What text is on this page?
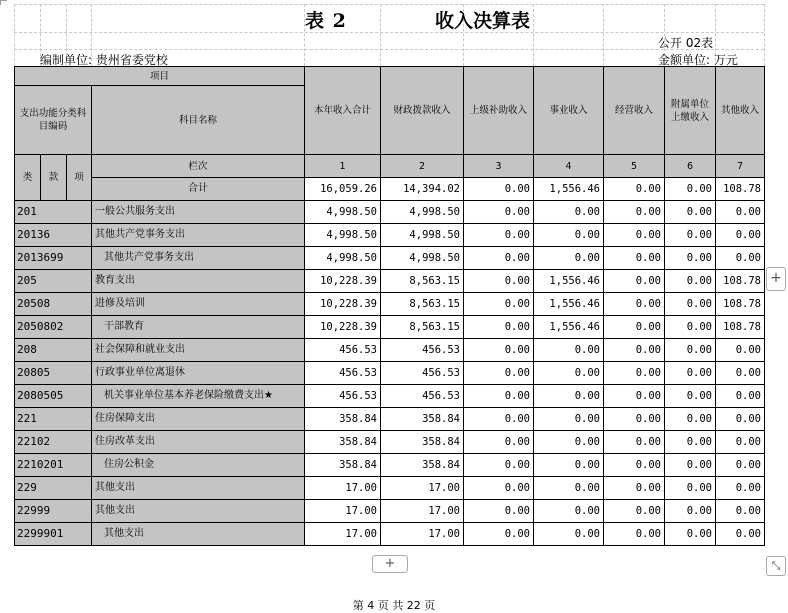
表 2	收入决算表
公开 02表
编制单位: 贵州省委党校	金额单位: 万元
项目				本年收入合计	财政拨款收入	上级补助收入	事业收入	经营收入	附属单位上缴收入	其他收入
支出功能分类科目编码			科目名称							

类	款	项	栏次	1	2	3	4	5	6	7
			合计	16,059.26	14,394.02	0.00	1,556.46	0.00	0.00	108.78
201			一般公共服务支出	4,998.50	4,998.50	0.00	0.00	0.00	0.00	0.00
20136			其他共产党事务支出	4,998.50	4,998.50	0.00	0.00	0.00	0.00	0.00
2013699			其他共产党事务支出	4,998.50	4,998.50	0.00	0.00	0.00	0.00	0.00
205			教育支出	10,228.39	8,563.15	0.00	1,556.46	0.00	0.00	108.78
20508			进修及培训	10,228.39	8,563.15	0.00	1,556.46	0.00	0.00	108.78
2050802			干部教育	10,228.39	8,563.15	0.00	1,556.46	0.00	0.00	108.78
208			社会保障和就业支出	456.53	456.53	0.00	0.00	0.00	0.00	0.00
20805			行政事业单位离退休	456.53	456.53	0.00	0.00	0.00	0.00	0.00
2080505			机关事业单位基本养老保险缴费支出★	456.53	456.53	0.00	0.00	0.00	0.00	0.00
221			住房保障支出	358.84	358.84	0.00	0.00	0.00	0.00	0.00
22102			住房改革支出	358.84	358.84	0.00	0.00	0.00	0.00	0.00
2210201			住房公积金	358.84	358.84	0.00	0.00	0.00	0.00	0.00
229			其他支出	17.00	17.00	0.00	0.00	0.00	0.00	0.00
22999			其他支出	17.00	17.00	0.00	0.00	0.00	0.00	0.00
2299901			其他支出	17.00	17.00	0.00	0.00	0.00	0.00	0.00
+
+	⤡
第 4 页 共 22 页
